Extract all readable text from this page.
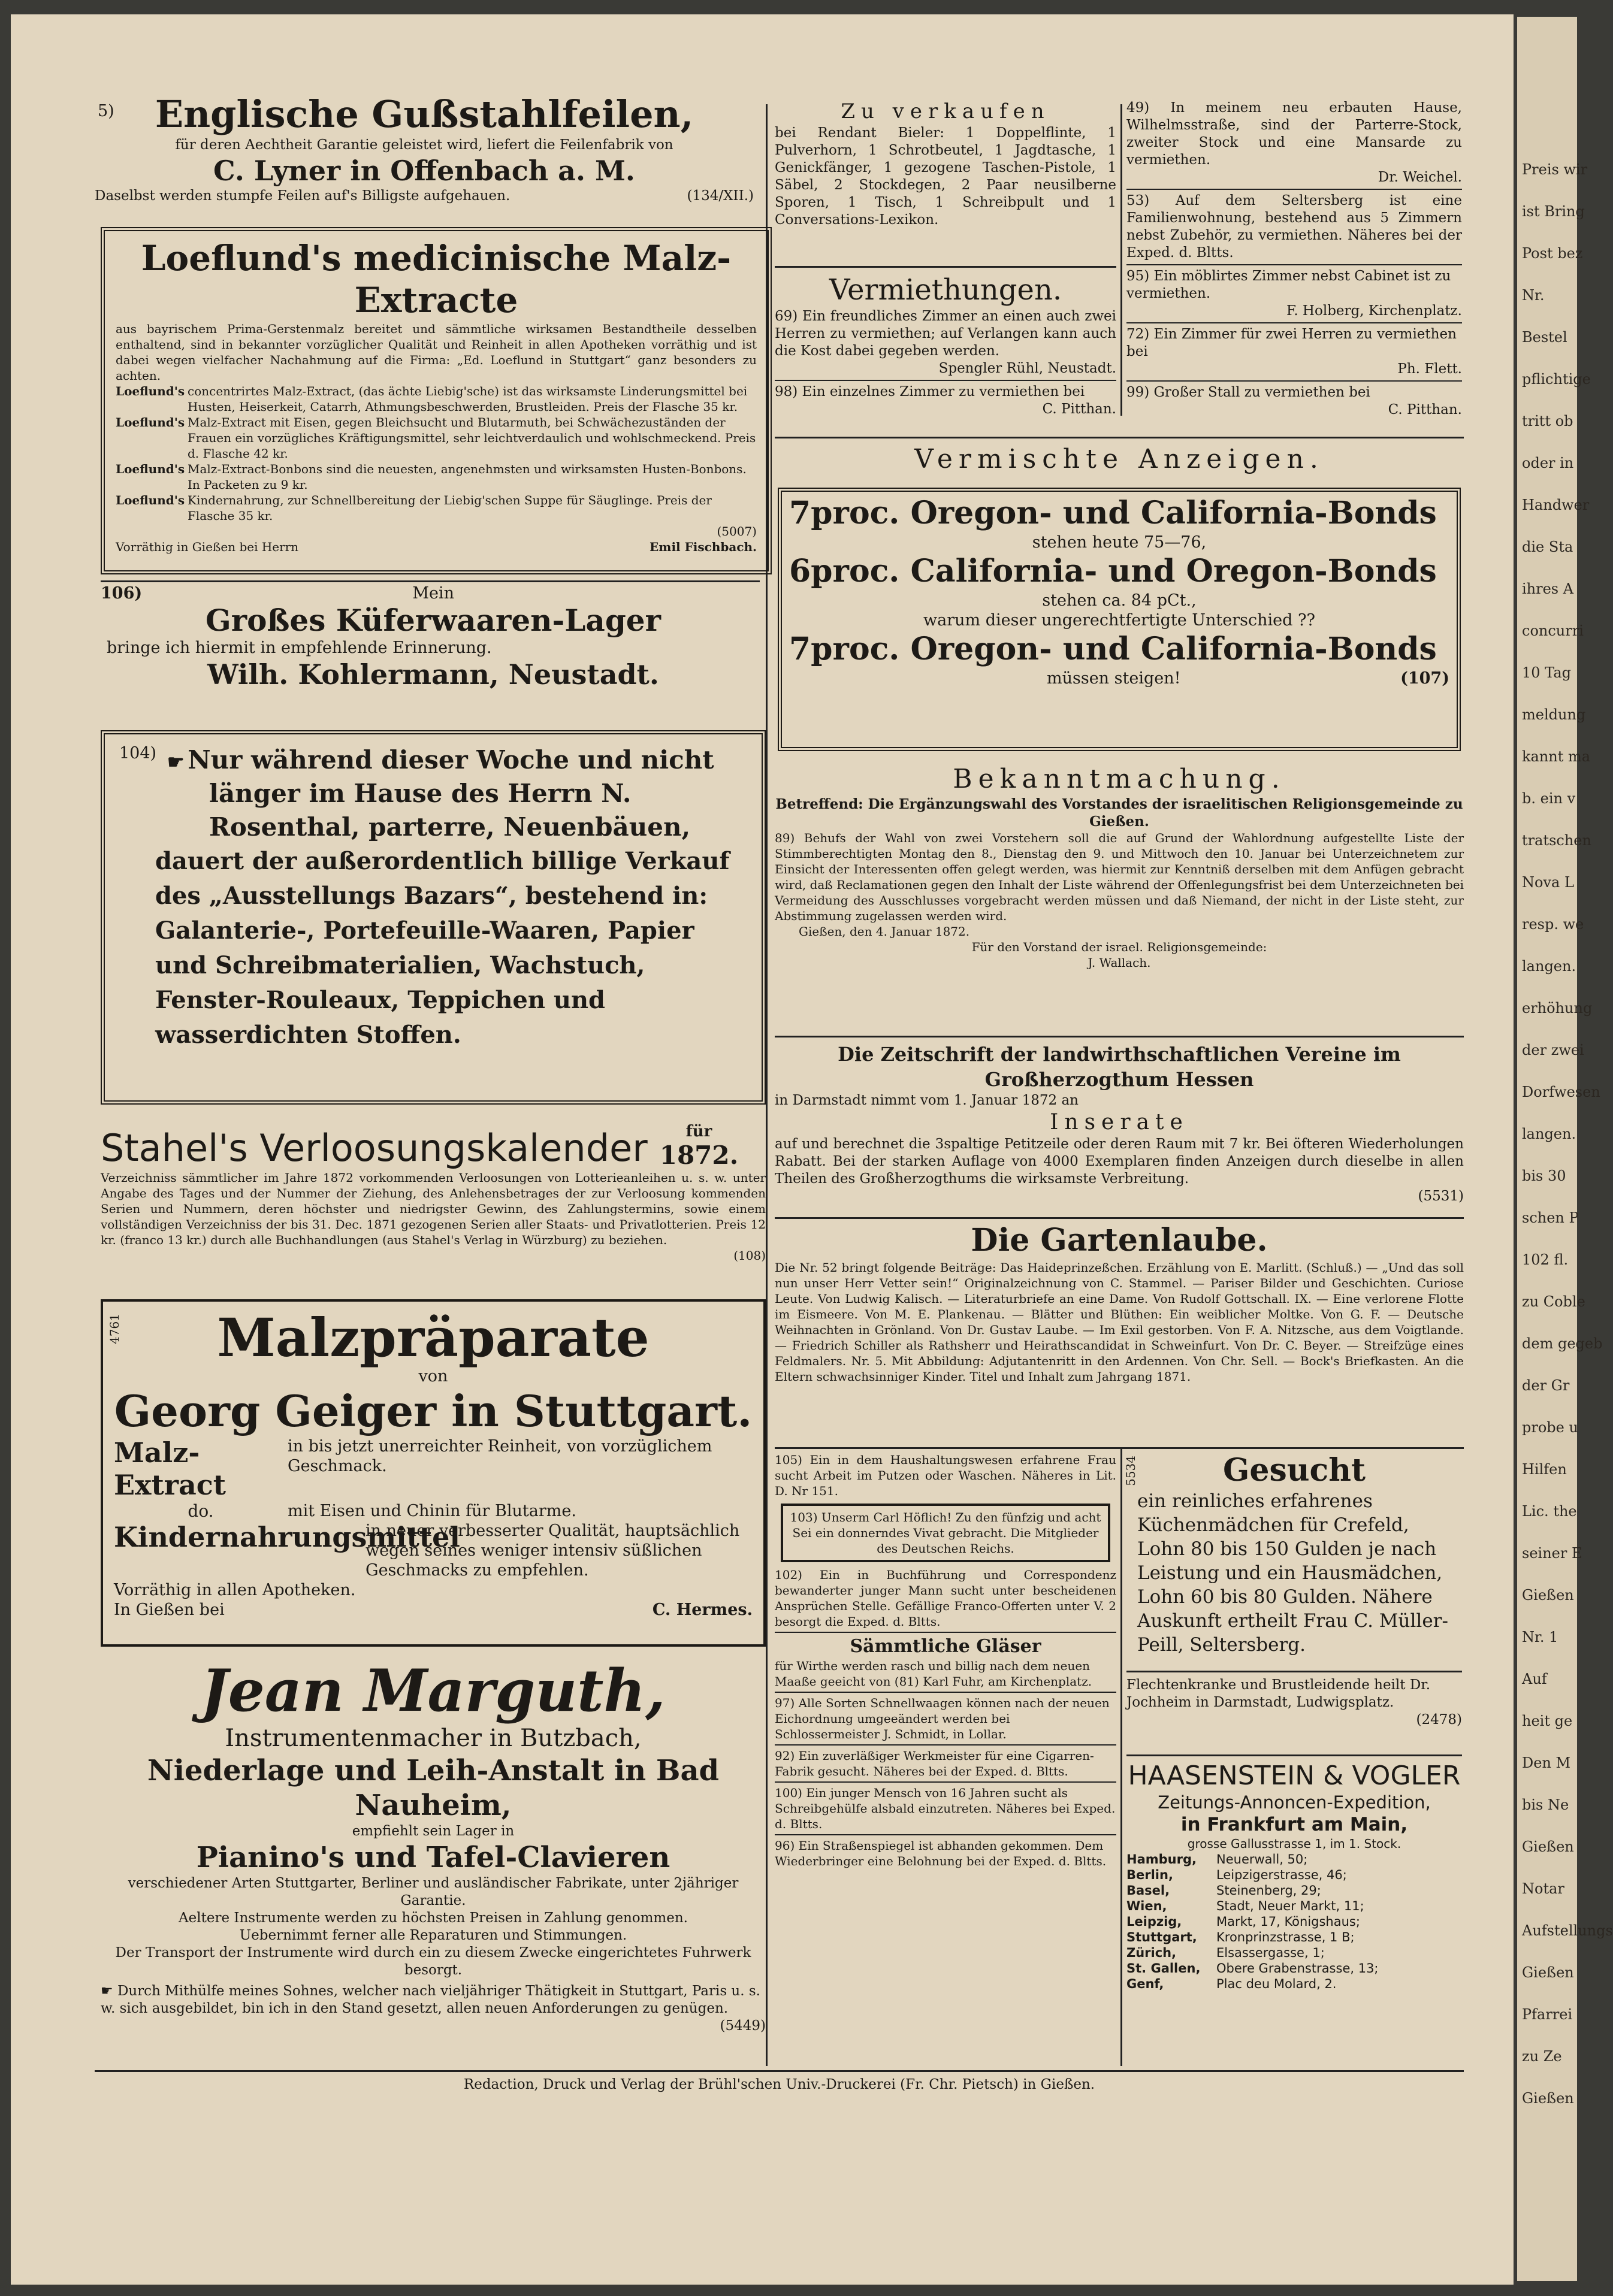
5)	Englische Gußstahlfeilen,
für deren Aechtheit Garantie geleistet wird, liefert die Feilenfabrik von
C. Lyner in Offenbach a. M.
Daselbst werden stumpfe Feilen auf's Billigste aufgehauen.	(134/XII.)
Loeflund's medicinische Malz-Extracte
aus bayrischem Prima-Gerstenmalz bereitet und sämmtliche wirksamen Bestandtheile desselben enthaltend, sind in bekannter vorzüglicher Qualität und Reinheit in allen Apotheken vorräthig und ist dabei wegen vielfacher Nachahmung auf die Firma: „Ed. Loeflund in Stuttgart“ ganz besonders zu achten.
Loeflund's concentrirtes Malz-Extract, (das ächte Liebig'sche) ist das wirksamste Linderungsmittel bei Husten, Heiserkeit, Catarrh, Athmungsbeschwerden, Brustleiden. Preis der Flasche 35 kr.
Loeflund's Malz-Extract mit Eisen, gegen Bleichsucht und Blutarmuth, bei Schwächezuständen der Frauen ein vorzügliches Kräftigungsmittel, sehr leichtverdaulich und wohlschmeckend. Preis d. Flasche 42 kr.
Loeflund's Malz-Extract-Bonbons sind die neuesten, angenehmsten und wirksamsten Husten-Bonbons. In Packeten zu 9 kr.
Loeflund's Kindernahrung, zur Schnellbereitung der Liebig'schen Suppe für Säuglinge. Preis der Flasche 35 kr.
(5007)
Vorräthig in Gießen bei Herrn	Emil Fischbach.
106)	Mein
Großes Küferwaaren-Lager
bringe ich hiermit in empfehlende Erinnerung.
Wilh. Kohlermann, Neustadt.
104) ☛ Nur während dieser Woche und nicht länger im Hause des Herrn N. Rosenthal, parterre, Neuenbäuen,
dauert der außerordentlich billige Verkauf des „Ausstellungs Bazars“, bestehend in: Galanterie-, Portefeuille-Waaren, Papier und Schreibmaterialien, Wachstuch, Fenster-Rouleaux, Teppichen und wasserdichten Stoffen.
Stahel's Verloosungskalender	für
1872.
Verzeichniss sämmtlicher im Jahre 1872 vorkommenden Verloosungen von Lotterieanleihen u. s. w. unter Angabe des Tages und der Nummer der Ziehung, des Anlehensbetrages der zur Verloosung kommenden Serien und Nummern, deren höchster und niedrigster Gewinn, des Zahlungstermins, sowie einem vollständigen Verzeichniss der bis 31. Dec. 1871 gezogenen Serien aller Staats- und Privatlotterien. Preis 12 kr. (franco 13 kr.) durch alle Buchhandlungen (aus Stahel's Verlag in Würzburg) zu beziehen.
(108)
4761	Malzpräparate
von
Georg Geiger in Stuttgart.
Malz-Extract
in bis jetzt unerreichter Reinheit, von vorzüglichem Geschmack.
do.	mit Eisen und Chinin für Blutarme.
Kindernahrungsmittel
in neuer verbesserter Qualität, hauptsächlich wegen seines weniger intensiv süßlichen Geschmacks zu empfehlen.
Vorräthig in allen Apotheken.
In Gießen bei	C. Hermes.
Jean Marguth,
Instrumentenmacher in Butzbach,
Niederlage und Leih-Anstalt in Bad Nauheim,
empfiehlt sein Lager in
Pianino's und Tafel-Clavieren
verschiedener Arten Stuttgarter, Berliner und ausländischer Fabrikate, unter 2jähriger Garantie.
Aeltere Instrumente werden zu höchsten Preisen in Zahlung genommen.
Uebernimmt ferner alle Reparaturen und Stimmungen.
Der Transport der Instrumente wird durch ein zu diesem Zwecke eingerichtetes Fuhrwerk besorgt.
☛ Durch Mithülfe meines Sohnes, welcher nach vieljähriger Thätigkeit in Stuttgart, Paris u. s. w. sich ausgebildet, bin ich in den Stand gesetzt, allen neuen Anforderungen zu genügen.
(5449)
Zu verkaufen
bei Rendant Bieler: 1 Doppelflinte, 1 Pulverhorn, 1 Schrotbeutel, 1 Jagdtasche, 1 Genickfänger, 1 gezogene Taschen-Pistole, 1 Säbel, 2 Stockdegen, 2 Paar neusilberne Sporen, 1 Tisch, 1 Schreibpult und 1 Conversations-Lexikon.
Vermiethungen.
69) Ein freundliches Zimmer an einen auch zwei Herren zu vermiethen; auf Verlangen kann auch die Kost dabei gegeben werden.
Spengler Rühl, Neustadt.
98) Ein einzelnes Zimmer zu vermiethen bei
C. Pitthan.
49) In meinem neu erbauten Hause, Wilhelmsstraße, sind der Parterre-Stock, zweiter Stock und eine Mansarde zu vermiethen.
Dr. Weichel.
53) Auf dem Seltersberg ist eine Familienwohnung, bestehend aus 5 Zimmern nebst Zubehör, zu vermiethen. Näheres bei der Exped. d. Bltts.
95) Ein möblirtes Zimmer nebst Cabinet ist zu vermiethen.
F. Holberg, Kirchenplatz.
72) Ein Zimmer für zwei Herren zu vermiethen bei
Ph. Flett.
99) Großer Stall zu vermiethen bei
C. Pitthan.
Vermischte Anzeigen.
7proc. Oregon- und California-Bonds
stehen heute 75—76,
6proc. California- und Oregon-Bonds
stehen ca. 84 pCt.,
warum dieser ungerechtfertigte Unterschied ??
7proc. Oregon- und California-Bonds
müssen steigen!	(107)
Bekanntmachung.
Betreffend: Die Ergänzungswahl des Vorstandes der israelitischen Religionsgemeinde zu Gießen.
89) Behufs der Wahl von zwei Vorstehern soll die auf Grund der Wahlordnung aufgestellte Liste der Stimmberechtigten Montag den 8., Dienstag den 9. und Mittwoch den 10. Januar bei Unterzeichnetem zur Einsicht der Interessenten offen gelegt werden, was hiermit zur Kenntniß derselben mit dem Anfügen gebracht wird, daß Reclamationen gegen den Inhalt der Liste während der Offenlegungsfrist bei dem Unterzeichneten bei Vermeidung des Ausschlusses vorgebracht werden müssen und daß Niemand, der nicht in der Liste steht, zur Abstimmung zugelassen werden wird.
Gießen, den 4. Januar 1872.
Für den Vorstand der israel. Religionsgemeinde:
J. Wallach.
Die Zeitschrift der landwirthschaftlichen Vereine im Großherzogthum Hessen
in Darmstadt nimmt vom 1. Januar 1872 an
Inserate
auf und berechnet die 3spaltige Petitzeile oder deren Raum mit 7 kr. Bei öfteren Wiederholungen Rabatt. Bei der starken Auflage von 4000 Exemplaren finden Anzeigen durch dieselbe in allen Theilen des Großherzogthums die wirksamste Verbreitung.
(5531)
Die Gartenlaube.
Die Nr. 52 bringt folgende Beiträge: Das Haideprinzeßchen. Erzählung von E. Marlitt. (Schluß.) — „Und das soll nun unser Herr Vetter sein!“ Originalzeichnung von C. Stammel. — Pariser Bilder und Geschichten. Curiose Leute. Von Ludwig Kalisch. — Literaturbriefe an eine Dame. Von Rudolf Gottschall. IX. — Eine verlorene Flotte im Eismeere. Von M. E. Plankenau. — Blätter und Blüthen: Ein weiblicher Moltke. Von G. F. — Deutsche Weihnachten in Grönland. Von Dr. Gustav Laube. — Im Exil gestorben. Von F. A. Nitzsche, aus dem Voigtlande. — Friedrich Schiller als Rathsherr und Heirathscandidat in Schweinfurt. Von Dr. C. Beyer. — Streifzüge eines Feldmalers. Nr. 5. Mit Abbildung: Adjutantenritt in den Ardennen. Von Chr. Sell. — Bock's Briefkasten. An die Eltern schwachsinniger Kinder. Titel und Inhalt zum Jahrgang 1871.
105) Ein in dem Haushaltungswesen erfahrene Frau sucht Arbeit im Putzen oder Waschen. Näheres in Lit. D. Nr 151.
103) Unserm Carl Höflich! Zu den fünfzig und acht Sei ein donnerndes Vivat gebracht. Die Mitglieder des Deutschen Reichs.
102) Ein in Buchführung und Correspondenz bewanderter junger Mann sucht unter bescheidenen Ansprüchen Stelle. Gefällige Franco-Offerten unter V. 2 besorgt die Exped. d. Bltts.
Sämmtliche Gläser
für Wirthe werden rasch und billig nach dem neuen Maaße geeicht von (81) Karl Fuhr, am Kirchenplatz.
97) Alle Sorten Schnellwaagen können nach der neuen Eichordnung umgeeändert werden bei Schlossermeister J. Schmidt, in Lollar.
92) Ein zuverläßiger Werkmeister für eine Cigarren-Fabrik gesucht. Näheres bei der Exped. d. Bltts.
100) Ein junger Mensch von 16 Jahren sucht als Schreibgehülfe alsbald einzutreten. Näheres bei Exped. d. Bltts.
96) Ein Straßenspiegel ist abhanden gekommen. Dem Wiederbringer eine Belohnung bei der Exped. d. Bltts.
5534	Gesucht
ein reinliches erfahrenes Küchenmädchen für Crefeld, Lohn 80 bis 150 Gulden je nach Leistung und ein Hausmädchen, Lohn 60 bis 80 Gulden. Nähere Auskunft ertheilt Frau C. Müller-Peill, Seltersberg.
Flechtenkranke und Brustleidende heilt Dr. Jochheim in Darmstadt, Ludwigsplatz.
(2478)
HAASENSTEIN & VOGLER
Zeitungs-Annoncen-Expedition,
in Frankfurt am Main,
grosse Gallusstrasse 1, im 1. Stock.
Hamburg,	Neuerwall, 50;
Berlin,	Leipzigerstrasse, 46;
Basel,	Steinenberg, 29;
Wien,	Stadt, Neuer Markt, 11;
Leipzig,	Markt, 17, Königshaus;
Stuttgart,	Kronprinzstrasse, 1 B;
Zürich,	Elsassergasse, 1;
St. Gallen,	Obere Grabenstrasse, 13;
Genf,	Plac deu Molard, 2.
Redaction, Druck und Verlag der Brühl'schen Univ.-Druckerei (Fr. Chr. Pietsch) in Gießen.
Preis wir
ist Bring
Post bez
Nr.
Bestel
pflichtige
tritt ob
oder in
Handwer
die Sta
ihres A
concurri
10 Tag
meldung
kannt ma
b. ein v
tratschen
Nova L
resp. we
langen.
erhöhung
der zwei
Dorfwesen
langen.
bis 30
schen P
102 fl.
zu Coble
dem gegeb
der Gr
probe u
Hilfen
Lic. the
seiner E
Gießen
Nr. 1
Auf
heit ge
Den M
bis Ne
Gießen
Notar
Aufstellungs
Gießen
Pfarrei
zu Ze
Gießen
